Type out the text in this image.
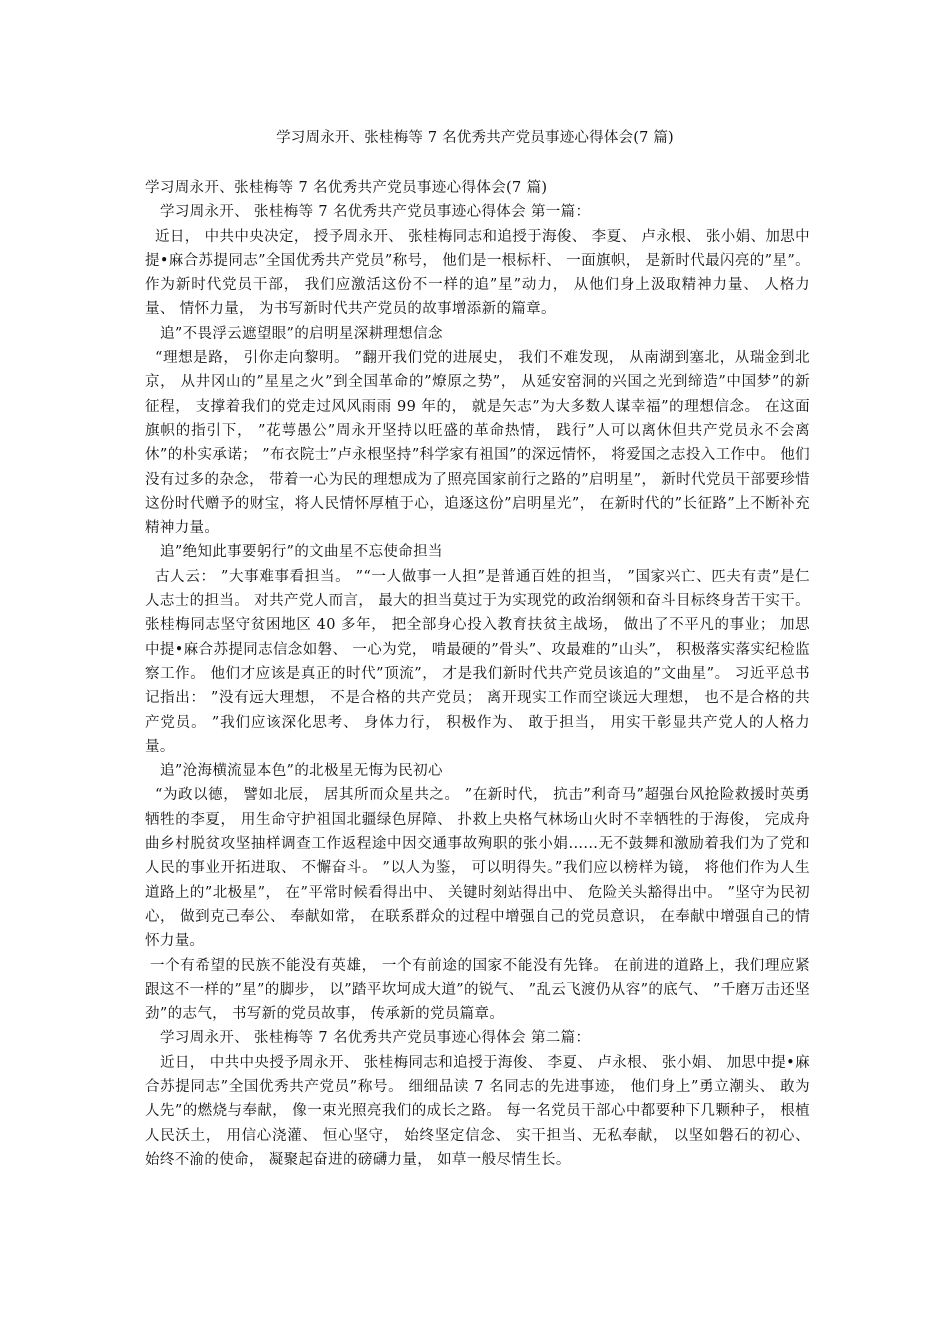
学习周永开、张桂梅等 7 名优秀共产党员事迹心得体会(7 篇)

学习周永开、张桂梅等 7 名优秀共产党员事迹心得体会(7 篇)

学习周永开、 张桂梅等 7 名优秀共产党员事迹心得体会 第一篇：

近日， 中共中央决定， 授予周永开、 张桂梅同志和追授于海俊、 李夏、 卢永根、 张小娟、加思中提•麻合苏提同志”全国优秀共产党员”称号， 他们是一根标杆、 一面旗帜， 是新时代最闪亮的”星”。 作为新时代党员干部， 我们应激活这份不一样的追”星”动力， 从他们身上汲取精神力量、 人格力量、 情怀力量， 为书写新时代共产党员的故事增添新的篇章。

追”不畏浮云遮望眼”的启明星深耕理想信念

“理想是路， 引你走向黎明。 ”翻开我们党的进展史， 我们不难发现， 从南湖到塞北，从瑞金到北京， 从井冈山的”星星之火”到全国革命的”燎原之势”， 从延安窑洞的兴国之光到缔造”中国梦”的新征程， 支撑着我们的党走过风风雨雨 99 年的， 就是矢志”为大多数人谋幸福”的理想信念。 在这面旗帜的指引下， ”花萼愚公”周永开坚持以旺盛的革命热情， 践行”人可以离休但共产党员永不会离休”的朴实承诺； ”布衣院士”卢永根坚持”科学家有祖国”的深远情怀， 将爱国之志投入工作中。 他们没有过多的杂念， 带着一心为民的理想成为了照亮国家前行之路的”启明星”， 新时代党员干部要珍惜这份时代赠予的财宝，将人民情怀厚植于心，追逐这份”启明星光”， 在新时代的”长征路”上不断补充精神力量。

追”绝知此事要躬行”的文曲星不忘使命担当

古人云： ”大事难事看担当。 ”“一人做事一人担”是普通百姓的担当， ”国家兴亡、匹夫有责”是仁人志士的担当。 对共产党人而言， 最大的担当莫过于为实现党的政治纲领和奋斗目标终身苦干实干。 张桂梅同志坚守贫困地区 40 多年， 把全部身心投入教育扶贫主战场， 做出了不平凡的事业； 加思中提•麻合苏提同志信念如磐、 一心为党， 啃最硬的”骨头”、攻最难的”山头”， 积极落实落实纪检监察工作。 他们才应该是真正的时代”顶流”， 才是我们新时代共产党员该追的”文曲星”。 习近平总书记指出： ”没有远大理想， 不是合格的共产党员； 离开现实工作而空谈远大理想， 也不是合格的共产党员。 ”我们应该深化思考、 身体力行， 积极作为、 敢于担当， 用实干彰显共产党人的人格力量。

追”沧海横流显本色”的北极星无悔为民初心

“为政以德， 譬如北辰， 居其所而众星共之。 ”在新时代， 抗击”利奇马”超强台风抢险救援时英勇牺牲的李夏， 用生命守护祖国北疆绿色屏障、 扑救上央格气林场山火时不幸牺牲的于海俊， 完成舟曲乡村脱贫攻坚抽样调查工作返程途中因交通事故殉职的张小娟......无不鼓舞和激励着我们为了党和人民的事业开拓进取、 不懈奋斗。 ”以人为鉴， 可以明得失。”我们应以榜样为镜， 将他们作为人生道路上的”北极星”， 在”平常时候看得出中、 关键时刻站得出中、 危险关头豁得出中。 ”坚守为民初心， 做到克己奉公、 奉献如常， 在联系群众的过程中增强自己的党员意识， 在奉献中增强自己的情怀力量。

一个有希望的民族不能没有英雄， 一个有前途的国家不能没有先锋。 在前进的道路上，我们理应紧跟这不一样的”星”的脚步， 以”踏平坎坷成大道”的锐气、 ”乱云飞渡仍从容”的底气、 ”千磨万击还坚劲”的志气， 书写新的党员故事， 传承新的党员篇章。

学习周永开、 张桂梅等 7 名优秀共产党员事迹心得体会 第二篇：

近日， 中共中央授予周永开、 张桂梅同志和追授于海俊、 李夏、 卢永根、 张小娟、 加思中提•麻合苏提同志”全国优秀共产党员”称号。 细细品读 7 名同志的先进事迹， 他们身上”勇立潮头、 敢为人先”的燃烧与奉献， 像一束光照亮我们的成长之路。 每一名党员干部心中都要种下几颗种子， 根植人民沃土， 用信心浇灌、 恒心坚守， 始终坚定信念、 实干担当、无私奉献， 以坚如磐石的初心、 始终不渝的使命， 凝聚起奋进的磅礴力量， 如草一般尽情生长。
